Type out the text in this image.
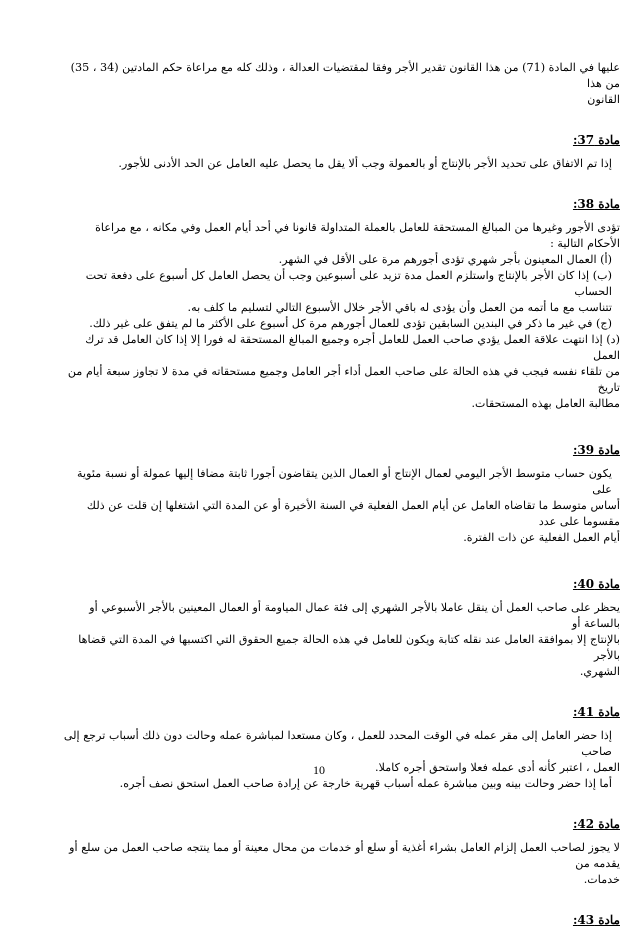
عليها في المادة (71) من هذا القانون تقدير الأجر وفقا لمقتضيات العدالة ، وذلك كله مع مراعاة حكم المادتين (34 ، 35) من هذا

القانون

مادة 37:

إذا تم الاتفاق على تحديد الأجر بالإنتاج أو بالعمولة وجب ألا يقل ما يحصل عليه العامل عن الحد الأدنى للأجور.

مادة 38:

تؤدى الأجور وغيرها من المبالغ المستحقة للعامل بالعملة المتداولة قانونا في أحد أيام العمل وفي مكانه ، مع مراعاة الأحكام التالية :

(أ) العمال المعينون بأجر شهري تؤدى أجورهم مرة على الأقل في الشهر.

(ب) إذا كان الأجر بالإنتاج واستلزم العمل مدة تزيد على أسبوعين وجب أن يحصل العامل كل أسبوع على دفعة تحت الحساب

تتناسب مع ما أتمه من العمل وأن يؤدى له باقي الأجر خلال الأسبوع التالي لتسليم ما كلف به.

(ج) في غير ما ذكر في البندين السابقين تؤدى للعمال أجورهم مرة كل أسبوع على الأكثر ما لم يتفق على غير ذلك.

(د) إذا انتهت علاقة العمل يؤدي صاحب العمل للعامل أجره وجميع المبالغ المستحقة له فورا إلا إذا كان العامل قد ترك العمل

من تلقاء نفسه فيجب في هذه الحالة على صاحب العمل أداء أجر العامل وجميع مستحقاته في مدة لا تجاوز سبعة أيام من تاريخ

مطالبة العامل بهذه المستحقات.

مادة 39:

يكون حساب متوسط الأجر اليومي لعمال الإنتاج أو العمال الذين يتقاضون أجورا ثابتة مضافا إليها عمولة أو نسبة مئوية على

أساس متوسط ما تقاضاه العامل عن أيام العمل الفعلية في السنة الأخيرة أو عن المدة التي اشتغلها إن قلت عن ذلك مقسوما على عدد

أيام العمل الفعلية عن ذات الفترة.

مادة 40:

يحظر على صاحب العمل أن ينقل عاملا بالأجر الشهري إلى فئة عمال المياومة أو العمال المعينين بالأجر الأسبوعي أو بالساعة أو

بالإنتاج إلا بموافقة العامل عند نقله كتابة ويكون للعامل في هذه الحالة جميع الحقوق التي اكتسبها في المدة التي قضاها بالأجر

الشهري.

مادة 41:

إذا حضر العامل إلى مقر عمله في الوقت المحدد للعمل ، وكان مستعدا لمباشرة عمله وحالت دون ذلك أسباب ترجع إلى صاحب

العمل ، اعتبر كأنه أدى عمله فعلا واستحق أجره كاملا.

أما إذا حضر وحالت بينه وبين مباشرة عمله أسباب قهرية خارجة عن إرادة صاحب العمل استحق نصف أجره.

مادة 42:

لا يجوز لصاحب العمل إلزام العامل بشراء أغذية أو سلع أو خدمات من محال معينة أو مما ينتجه صاحب العمل من سلع أو يقدمه من

خدمات.

مادة 43:
10
